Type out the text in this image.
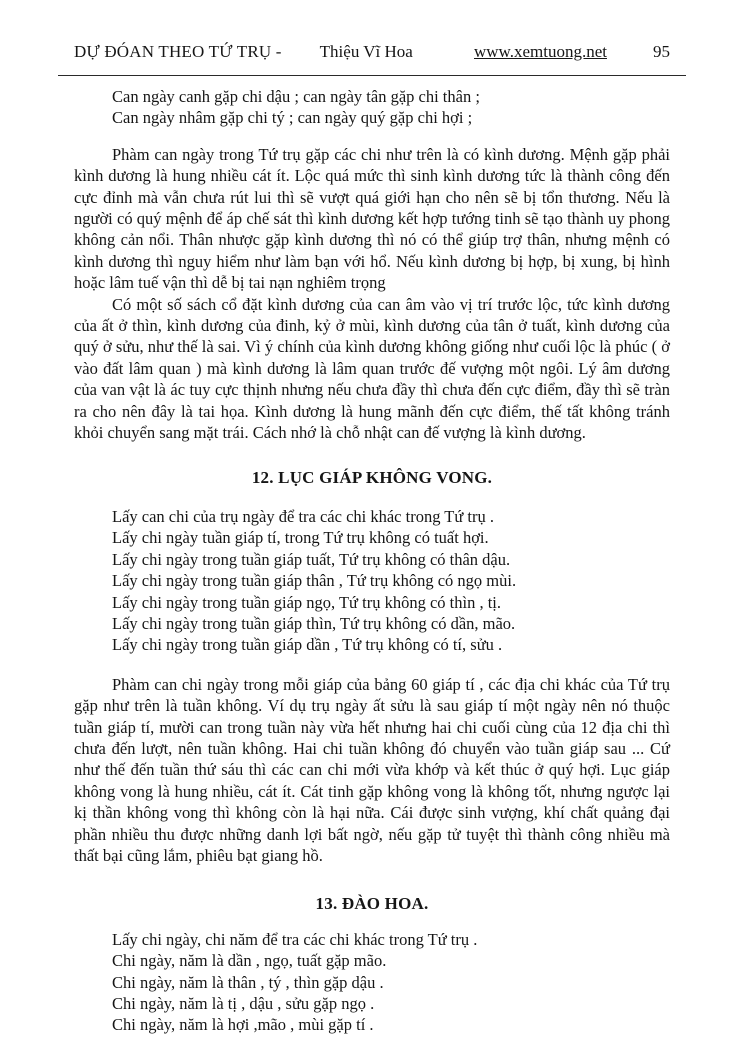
DỰ ĐÓAN THEO TỨ TRỤ - Thiệu Vĩ Hoa	www.xemtuong.net	95
Can ngày canh gặp chi dậu ; can ngày tân gặp chi thân ;
Can ngày nhâm gặp chi tý ; can ngày quý gặp chi hợi ;

Phàm can ngày trong Tứ trụ gặp các chi như trên là có kình dương. Mệnh gặp phải kình dương là hung nhiều cát ít. Lộc quá mức thì sinh kình dương tức là thành công đến cực đỉnh mà vẫn chưa rút lui thì sẽ vượt quá giới hạn cho nên sẽ bị tổn thương. Nếu là người có quý mệnh để áp chế sát thì kình dương kết hợp tướng tinh sẽ tạo thành uy phong không cản nổi. Thân nhược gặp kình dương thì nó có thể giúp trợ thân, nhưng mệnh có kình dương thì nguy hiểm như làm bạn với hổ. Nếu kình dương bị hợp, bị xung, bị hình hoặc lâm tuế vận thì dễ bị tai nạn nghiêm trọng

Có một số sách cổ đặt kình dương của can âm vào vị trí trước lộc, tức kình dương của ất ở thìn, kình dương của đinh, kỷ ở mùi, kình dương của tân ở tuất, kình dương của quý ở sửu, như thế là sai. Vì ý chính của kình dương không giống như cuối lộc là phúc ( ở vào đất lâm quan ) mà kình dương là lâm quan trước đế vượng một ngôi. Lý âm dương của van vật là ác tuy cực thịnh nhưng nếu chưa đầy thì chưa đến cực điểm, đầy thì sẽ tràn ra cho nên đây là tai họa. Kình dương là hung mãnh đến cực điểm, thế tất không tránh khỏi chuyển sang mặt trái. Cách nhớ là chỗ nhật can đế vượng là kình dương.

12. LỤC GIÁP KHÔNG VONG.
Lấy can chi của trụ ngày để tra các chi khác trong Tứ trụ .
Lấy chi ngày tuần giáp tí, trong Tứ trụ không có tuất hợi.
Lấy chi ngày trong tuần giáp tuất, Tứ trụ không có thân dậu.
Lấy chi ngày trong tuần giáp thân , Tứ trụ không có ngọ mùi.
Lấy chi ngày trong tuần giáp ngọ, Tứ trụ không có thìn , tị.
Lấy chi ngày trong tuần giáp thìn, Tứ trụ không có dần, mão.
Lấy chi ngày trong tuần giáp dần , Tứ trụ không có tí, sửu .

Phàm can chi ngày trong mỗi giáp của bảng 60 giáp tí , các địa chi khác của Tứ trụ gặp như trên là tuần không. Ví dụ trụ ngày ất sửu là sau giáp tí một ngày nên nó thuộc tuần giáp tí, mười can trong tuần này vừa hết nhưng hai chi cuối cùng của 12 địa chi thì chưa đến lượt, nên tuần không. Hai chi tuần không đó chuyển vào tuần giáp sau ... Cứ như thế đến tuần thứ sáu thì các can chi mới vừa khớp và kết thúc ở quý hợi. Lục giáp không vong là hung nhiều, cát ít. Cát tinh gặp không vong là không tốt, nhưng ngược lại kị thần không vong thì không còn là hại nữa. Cái được sinh vượng, khí chất quảng đại phần nhiều thu được những danh lợi bất ngờ, nếu gặp tử tuyệt thì thành công nhiều mà thất bại cũng lắm, phiêu bạt giang hồ.

13. ĐÀO HOA.
Lấy chi ngày, chi năm để tra các chi khác trong Tứ trụ .
Chi ngày, năm là dần , ngọ, tuất gặp mão.
Chi ngày, năm là thân , tý , thìn gặp dậu .
Chi ngày, năm là tị , dậu , sửu gặp ngọ .
Chi ngày, năm là hợi ,mão , mùi gặp tí .
